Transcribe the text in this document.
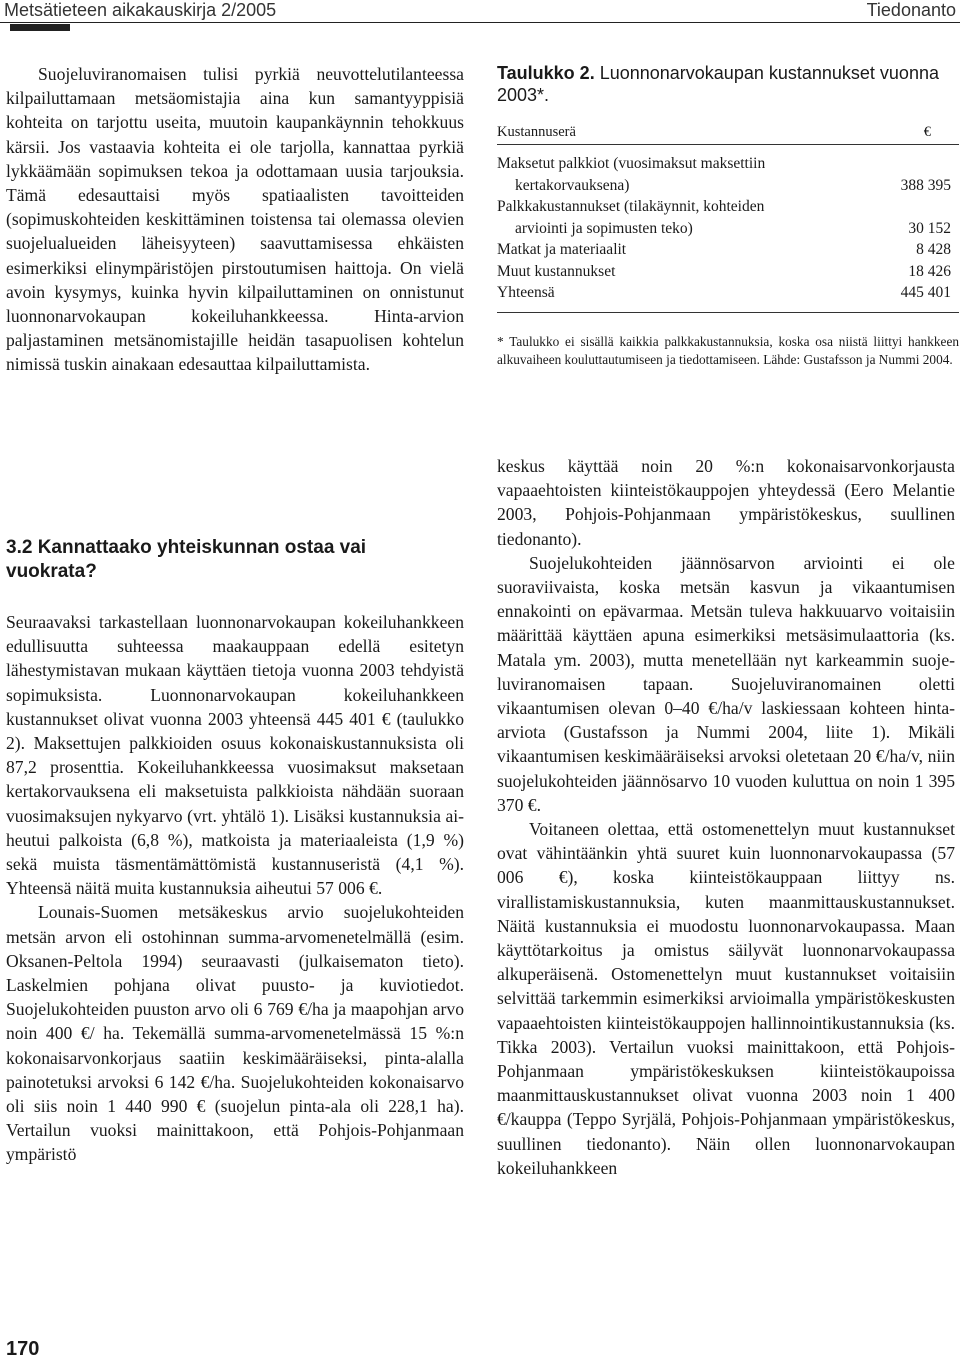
Metsätieteen aikakauskirja 2/2005	Tiedonanto

Suojeluviranomaisen tulisi pyrkiä neuvottelutilanteessa kilpailuttamaan metsäomistajia aina kun samantyyppisiä kohteita on tarjottu useita, muutoin kaupankäynnin tehokkuus kärsii. Jos vastaavia kohteita ei ole tarjolla, kannattaa pyrkiä lykkäämään sopimuksen tekoa ja odottamaan uusia tarjouksia. Tämä edesauttaisi myös spatiaalisten tavoitteiden (sopimuskohteiden keskittäminen toistensa tai olemassa olevien suojelualueiden läheisyyteen) saavuttamisessa ehkäisten esimerkiksi elinympäristöjen pirstoutumisen haittoja. On vielä avoin kysymys, kuinka hyvin kilpailuttaminen on onnistunut luonnonarvokaupan kokeiluhankkeessa. Hinta-arvion paljastaminen metsänomistajille heidän tasapuolisen kohtelun nimissä tuskin ainakaan edesauttaa kilpailuttamista.

3.2 Kannattaako yhteiskunnan ostaa vai vuokrata?

Seuraavaksi tarkastellaan luonnonarvokaupan kokeiluhankkeen edullisuutta suhteessa maakauppaan edellä esitetyn lähestymistavan mukaan käyttäen tietoja vuonna 2003 tehdyistä sopimuksista. Luonnonarvokaupan kokeiluhankkeen kustannukset olivat vuonna 2003 yhteensä 445 401 € (taulukko 2). Maksettujen palkkioiden osuus kokonaiskustannuksista oli 87,2 prosenttia. Kokeiluhankkeessa vuosimaksut maksetaan kertakorvauksena eli maksetuista palkkioista nähdään suoraan vuosimaksujen nykyarvo (vrt. yhtälö 1). Lisäksi kustannuksia aiheutui palkoista (6,8 %), matkoista ja materiaaleista (1,9 %) sekä muista täsmentämättömistä kustannuseristä (4,1 %). Yhteensä näitä muita kustannuksia aiheutui 57 006 €.

Lounais-Suomen metsäkeskus arvio suojelukohteiden metsän arvon eli ostohinnan summa-arvomenetelmällä (esim. Oksanen-Peltola 1994) seuraavasti (julkaisematon tieto). Laskelmien pohjana olivat puusto- ja kuviotiedot. Suojelukohteiden puuston arvo oli 6 769 €/ha ja maapohjan arvo noin 400 €/ ha. Tekemällä summa-arvomenetelmässä 15 %:n kokonaisarvonkorjaus saatiin keskimääräiseksi, pinta-alalla painotetuksi arvoksi 6 142 €/ha. Suojelukohteiden kokonaisarvo oli siis noin 1 440 990 € (suojelun pinta-ala oli 228,1 ha). Vertailun vuoksi mainittakoon, että Pohjois-Pohjanmaan ympäristö

Taulukko 2. Luonnonarvokaupan kustannukset vuonna 2003*.

Kustannuserä	€
Maksetut palkkiot (vuosimaksut maksettiin
kertakorvauksena)	388 395
Palkkakustannukset (tilakäynnit, kohteiden
arviointi ja sopimusten teko)	30 152
Matkat ja materiaalit	8 428
Muut kustannukset	18 426
Yhteensä	445 401

* Taulukko ei sisällä kaikkia palkkakustannuksia, koska osa niistä liittyi hankkeen alkuvaiheen kouluttautumiseen ja tiedottamiseen. Lähde: Gustafsson ja Nummi 2004.

keskus käyttää noin 20 %:n kokonaisarvonkorjausta vapaaehtoisten kiinteistökauppojen yhteydessä (Eero Melantie 2003, Pohjois-Pohjanmaan ympäristökeskus, suullinen tiedonanto).

Suojelukohteiden jäännösarvon arviointi ei ole suoraviivaista, koska metsän kasvun ja vikaantumisen ennakointi on epävarmaa. Metsän tuleva hakkuuarvo voitaisiin määrittää käyttäen apuna esimerkiksi metsäsimulaattoria (ks. Matala ym. 2003), mutta menetellään nyt karkeammin suojeluviranomaisen tapaan. Suojeluviranomainen oletti vikaantumisen olevan 0–40 €/ha/v laskiessaan kohteen hinta-arviota (Gustafsson ja Nummi 2004, liite 1). Mikäli vikaantumisen keskimääräiseksi arvoksi oletetaan 20 €/ha/v, niin suojelukohteiden jäännösarvo 10 vuoden kuluttua on noin 1 395 370 €.

Voitaneen olettaa, että ostomenettelyn muut kustannukset ovat vähintäänkin yhtä suuret kuin luonnonarvokaupassa (57 006 €), koska kiinteistökauppaan liittyy ns. virallistamiskustannuksia, kuten maanmittauskustannukset. Näitä kustannuksia ei muodostu luonnonarvokaupassa. Maan käyttötarkoitus ja omistus säilyvät luonnonarvokaupassa alkuperäisenä. Ostomenettelyn muut kustannukset voitaisiin selvittää tarkemmin esimerkiksi arvioimalla ympäristökeskusten vapaaehtoisten kiinteistökauppojen hallinnointikustannuksia (ks. Tikka 2003). Vertailun vuoksi mainittakoon, että Pohjois-Pohjanmaan ympäristökeskuksen kiinteistökaupoissa maanmittauskustannukset olivat vuonna 2003 noin 1 400 €/kauppa (Teppo Syrjälä, Pohjois-Pohjanmaan ympäristökeskus, suullinen tiedonanto). Näin ollen luonnonarvokaupan kokeiluhankkeen

170
